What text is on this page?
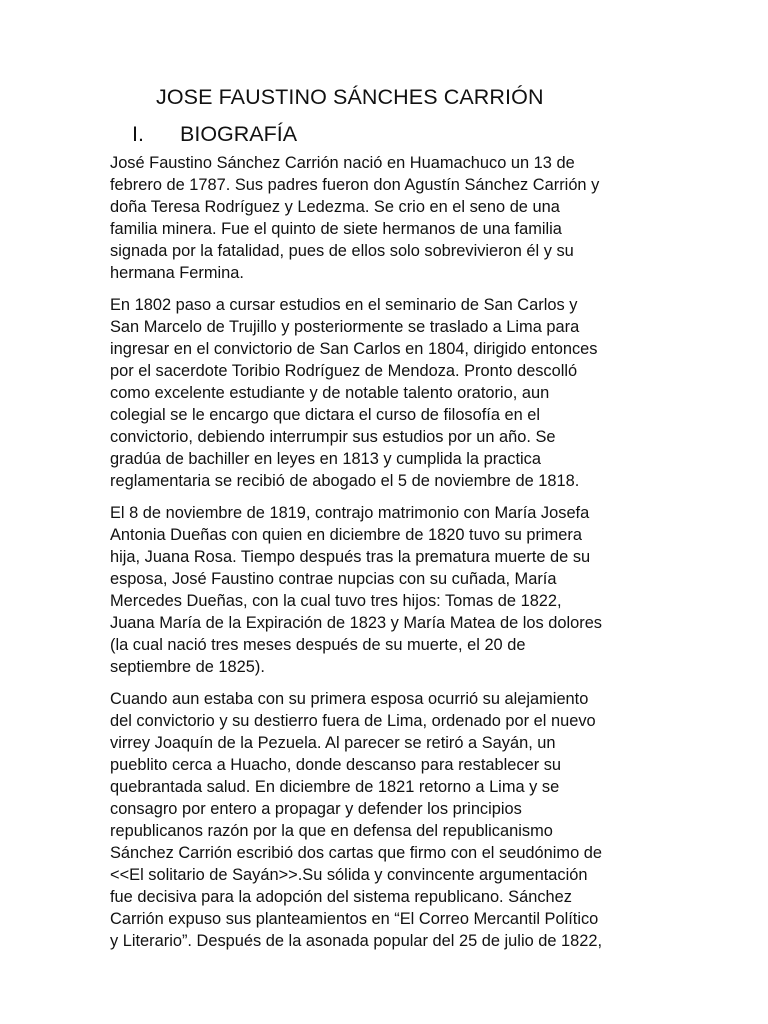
JOSE FAUSTINO SÁNCHES CARRIÓN
I. BIOGRAFÍA

José Faustino Sánchez Carrión nació en Huamachuco un 13 de
febrero de 1787. Sus padres fueron don Agustín Sánchez Carrión y
doña Teresa Rodríguez y Ledezma. Se crio en el seno de una
familia minera. Fue el quinto de siete hermanos de una familia
signada por la fatalidad, pues de ellos solo sobrevivieron él y su
hermana Fermina.

En 1802 paso a cursar estudios en el seminario de San Carlos y
San Marcelo de Trujillo y posteriormente se traslado a Lima para
ingresar en el convictorio de San Carlos en 1804, dirigido entonces
por el sacerdote Toribio Rodríguez de Mendoza. Pronto descolló
como excelente estudiante y de notable talento oratorio, aun
colegial se le encargo que dictara el curso de filosofía en el
convictorio, debiendo interrumpir sus estudios por un año. Se
gradúa de bachiller en leyes en 1813 y cumplida la practica
reglamentaria se recibió de abogado el 5 de noviembre de 1818.

El 8 de noviembre de 1819, contrajo matrimonio con María Josefa
Antonia Dueñas con quien en diciembre de 1820 tuvo su primera
hija, Juana Rosa. Tiempo después tras la prematura muerte de su
esposa, José Faustino contrae nupcias con su cuñada, María
Mercedes Dueñas, con la cual tuvo tres hijos: Tomas de 1822,
Juana María de la Expiración de 1823 y María Matea de los dolores
(la cual nació tres meses después de su muerte, el 20 de
septiembre de 1825).

Cuando aun estaba con su primera esposa ocurrió su alejamiento
del convictorio y su destierro fuera de Lima, ordenado por el nuevo
virrey Joaquín de la Pezuela. Al parecer se retiró a Sayán, un
pueblito cerca a Huacho, donde descanso para restablecer su
quebrantada salud. En diciembre de 1821 retorno a Lima y se
consagro por entero a propagar y defender los principios
republicanos razón por la que en defensa del republicanismo
Sánchez Carrión escribió dos cartas que firmo con el seudónimo de
<<El solitario de Sayán>>.Su sólida y convincente argumentación
fue decisiva para la adopción del sistema republicano. Sánchez
Carrión expuso sus planteamientos en “El Correo Mercantil Político
y Literario”. Después de la asonada popular del 25 de julio de 1822,
